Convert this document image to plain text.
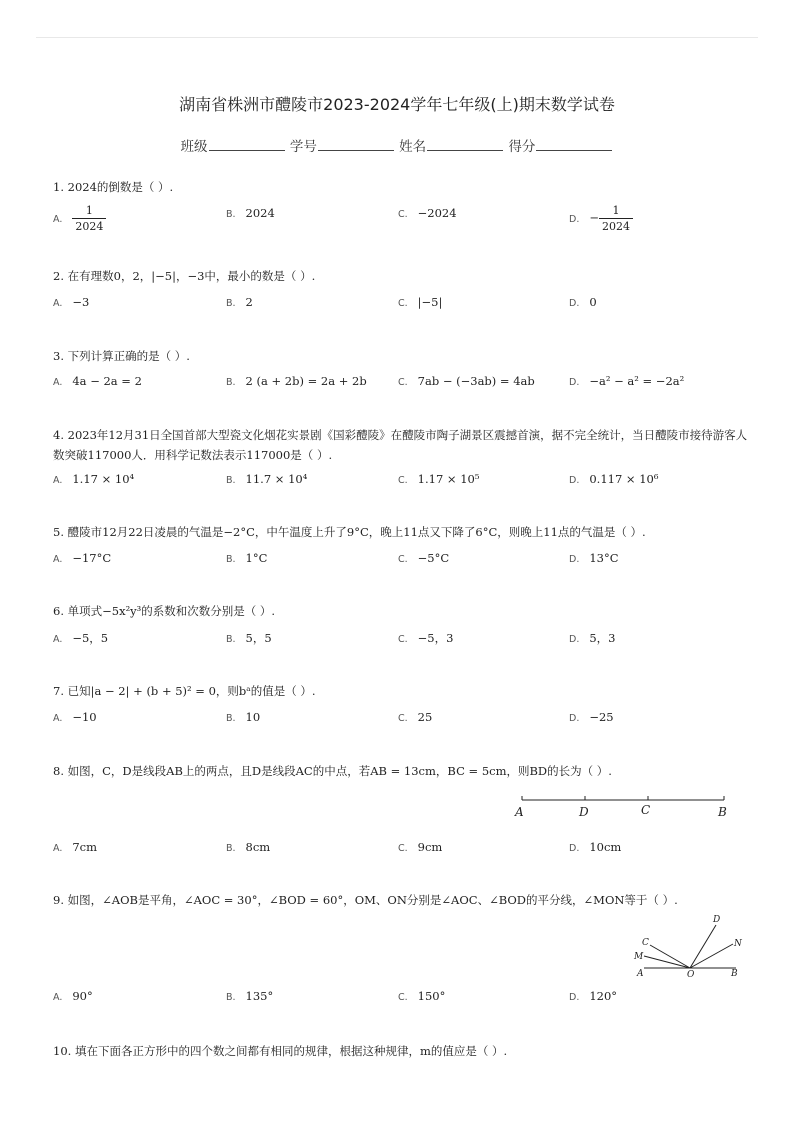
湖南省株洲市醴陵市2023-2024学年七年级(上)期末数学试卷
班级	学号	姓名	得分
1. 2024的倒数是（ ）.
A. $\frac{1}{2024}$	B. 2024	C. −2024	D. − $\frac{1}{2024}$
2. 在有理数0，2，|−5|，−3中，最小的数是（ ）.
A. −3	B. 2	C. |−5|	D. 0
3. 下列计算正确的是（ ）.
A. 4a − 2a = 2	B. 2 (a + 2b) = 2a + 2b	C. 7ab − (−3ab) = 4ab	D. −a² − a² = −2a²
4. 2023年12月31日全国首部大型瓷文化烟花实景剧《国彩醴陵》在醴陵市陶子湖景区震撼首演，据不完全统计，当日醴陵市接待游客人数突破117000人．用科学记数法表示117000是（ ）.
A. 1.17 × 10⁴	B. 11.7 × 10⁴	C. 1.17 × 10⁵	D. 0.117 × 10⁶
5. 醴陵市12月22日凌晨的气温是−2°C，中午温度上升了9°C，晚上11点又下降了6°C，则晚上11点的气温是（ ）.
A. −17°C	B. 1°C	C. −5°C	D. 13°C
6. 单项式−5x²y³的系数和次数分别是（ ）.
A. −5，5	B. 5，5	C. −5，3	D. 5，3
7. 已知|a − 2| + (b + 5)² = 0，则bᵃ的值是（ ）.
A. −10	B. 10	C. 25	D. −25
8. 如图，C，D是线段AB上的两点，且D是线段AC的中点，若AB = 13cm，BC = 5cm，则BD的长为（ ）.
A	D	C	B
A. 7cm	B. 8cm	C. 9cm	D. 10cm
9. 如图，∠AOB是平角，∠AOC = 30°，∠BOD = 60°，OM、ON分别是∠AOC、∠BOD的平分线，∠MON等于（ ）.
D
C	N
M
A	O	B
A. 90°	B. 135°	C. 150°	D. 120°
10. 填在下面各正方形中的四个数之间都有相同的规律，根据这种规律，m的值应是（ ）.
